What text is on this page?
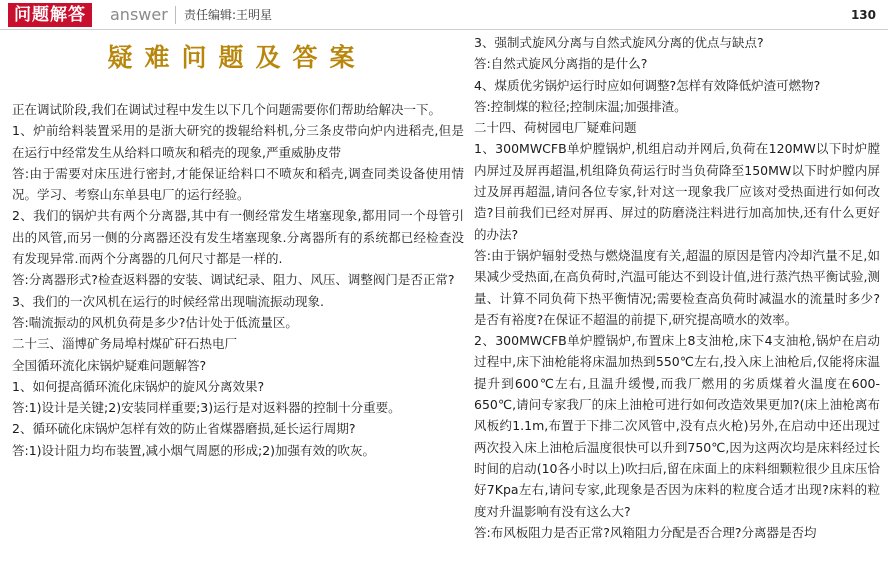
问题解答	answer 责任编辑:王明星	130
疑难问题及答案

正在调试阶段,我们在调试过程中发生以下几个问题需要你们帮助给解决一下。

1、炉前给料装置采用的是浙大研究的拨辊给料机,分三条皮带向炉内进稻壳,但是在运行中经常发生从给料口喷灰和稻壳的现象,严重威胁皮带

答:由于需要对床压进行密封,才能保证给料口不喷灰和稻壳,调查同类设备使用情况。学习、考察山东单县电厂的运行经验。

2、我们的锅炉共有两个分离器,其中有一侧经常发生堵塞现象,都用同一个母管引出的风管,而另一侧的分离器还没有发生堵塞现象.分离器所有的系统都已经检查没有发现异常.而两个分离器的几何尺寸都是一样的.

答:分离器形式?检查返料器的安装、调试纪录、阻力、风压、调整阀门是否正常?

3、我们的一次风机在运行的时候经常出现喘流振动现象.

答:喘流振动的风机负荷是多少?估计处于低流量区。

二十三、淄博矿务局埠村煤矿矸石热电厂

全国循环流化床锅炉疑难问题解答?

1、如何提高循环流化床锅炉的旋风分离效果?

答:1)设计是关键;2)安装同样重要;3)运行是对返料器的控制十分重要。

2、循环硫化床锅炉怎样有效的防止省煤器磨损,延长运行周期?

答:1)设计阻力均布装置,减小烟气周愿的形成;2)加强有效的吹灰。

3、强制式旋风分离与自然式旋风分离的优点与缺点?

答:自然式旋风分离指的是什么?

4、煤质优劣锅炉运行时应如何调整?怎样有效降低炉渣可燃物?

答:控制煤的粒径;控制床温;加强排渣。

二十四、荷树园电厂疑难问题

1、300MWCFB单炉膛锅炉,机组启动并网后,负荷在120MW以下时炉膛内屏过及屏再超温,机组降负荷运行时当负荷降至150MW以下时炉膛内屏过及屏再超温,请问各位专家,针对这一现象我厂应该对受热面进行如何改造?目前我们已经对屏再、屏过的防磨浇注料进行加高加快,还有什么更好的办法?

答:由于锅炉辐射受热与燃烧温度有关,超温的原因是管内冷却汽量不足,如果减少受热面,在高负荷时,汽温可能达不到设计值,进行蒸汽热平衡试验,测量、计算不同负荷下热平衡情况;需要检查高负荷时减温水的流量时多少?是否有裕度?在保证不超温的前提下,研究提高喷水的效率。

2、300MWCFB单炉膛锅炉,布置床上8支油枪,床下4支油枪,锅炉在启动过程中,床下油枪能将床温加热到550℃左右,投入床上油枪后,仅能将床温提升到600℃左右,且温升缓慢,而我厂燃用的劣质煤着火温度在600-650℃,请问专家我厂的床上油枪可进行如何改造效果更加?(床上油枪离布风板约1.1m,布置于下排二次风管中,没有点火枪)另外,在启动中还出现过两次投入床上油枪后温度很快可以升到750℃,因为这两次均是床料经过长时间的启动(10各小时以上)吹扫后,留在床面上的床料细颗粒很少且床压恰好7Kpa左右,请问专家,此现象是否因为床料的粒度合适才出现?床料的粒度对升温影响有没有这么大?

答:布风板阻力是否正常?风箱阻力分配是否合理?分离器是否均
